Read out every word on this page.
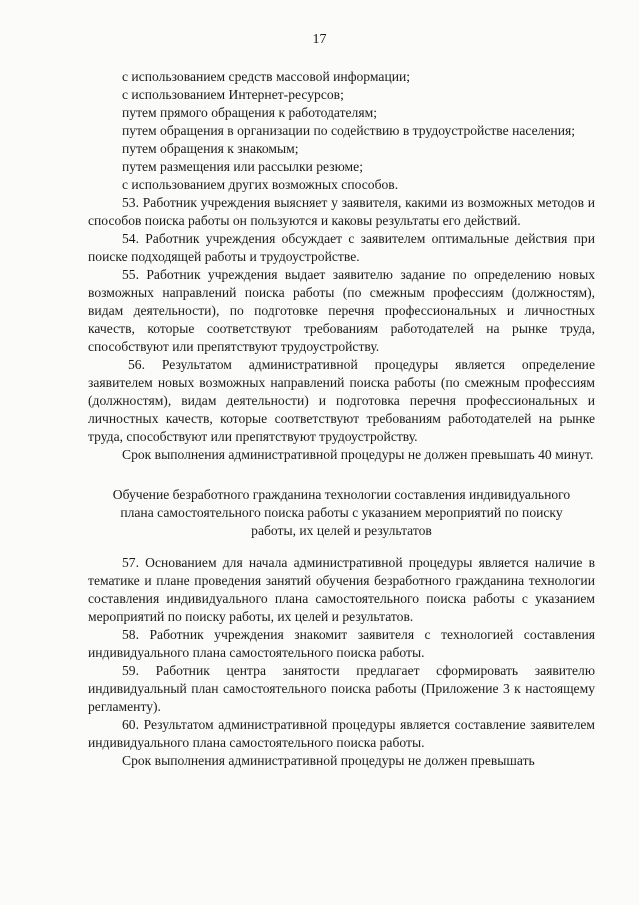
17

с использованием средств массовой информации;

с использованием Интернет-ресурсов;

путем прямого обращения к работодателям;

путем обращения в организации по содействию в трудоустройстве населения;

путем обращения к знакомым;

путем размещения или рассылки резюме;

с использованием других возможных способов.

53. Работник учреждения выясняет у заявителя, какими из возможных методов и способов поиска работы он пользуются и каковы результаты его действий.

54. Работник учреждения обсуждает с заявителем оптимальные действия при поиске подходящей работы и трудоустройстве.

55. Работник учреждения выдает заявителю задание по определению новых возможных направлений поиска работы (по смежным профессиям (должностям), видам деятельности), по подготовке перечня профессиональных и личностных качеств, которые соответствуют требованиям работодателей на рынке труда, способствуют или препятствуют трудоустройству.

56. Результатом административной процедуры является определение заявителем новых возможных направлений поиска работы (по смежным профессиям (должностям), видам деятельности) и подготовка перечня профессиональных и личностных качеств, которые соответствуют требованиям работодателей на рынке труда, способствуют или препятствуют трудоустройству.

Срок выполнения административной процедуры не должен превышать 40 минут.

Обучение безработного гражданина технологии составления индивидуального плана самостоятельного поиска работы с указанием мероприятий по поиску работы, их целей и результатов

57. Основанием для начала административной процедуры является наличие в тематике и плане проведения занятий обучения безработного гражданина технологии составления индивидуального плана самостоятельного поиска работы с указанием мероприятий по поиску работы, их целей и результатов.

58. Работник учреждения знакомит заявителя с технологией составления индивидуального плана самостоятельного поиска работы.

59. Работник центра занятости предлагает сформировать заявителю индивидуальный план самостоятельного поиска работы (Приложение 3 к настоящему регламенту).

60. Результатом административной процедуры является составление заявителем индивидуального плана самостоятельного поиска работы.

Срок выполнения административной процедуры не должен превышать
